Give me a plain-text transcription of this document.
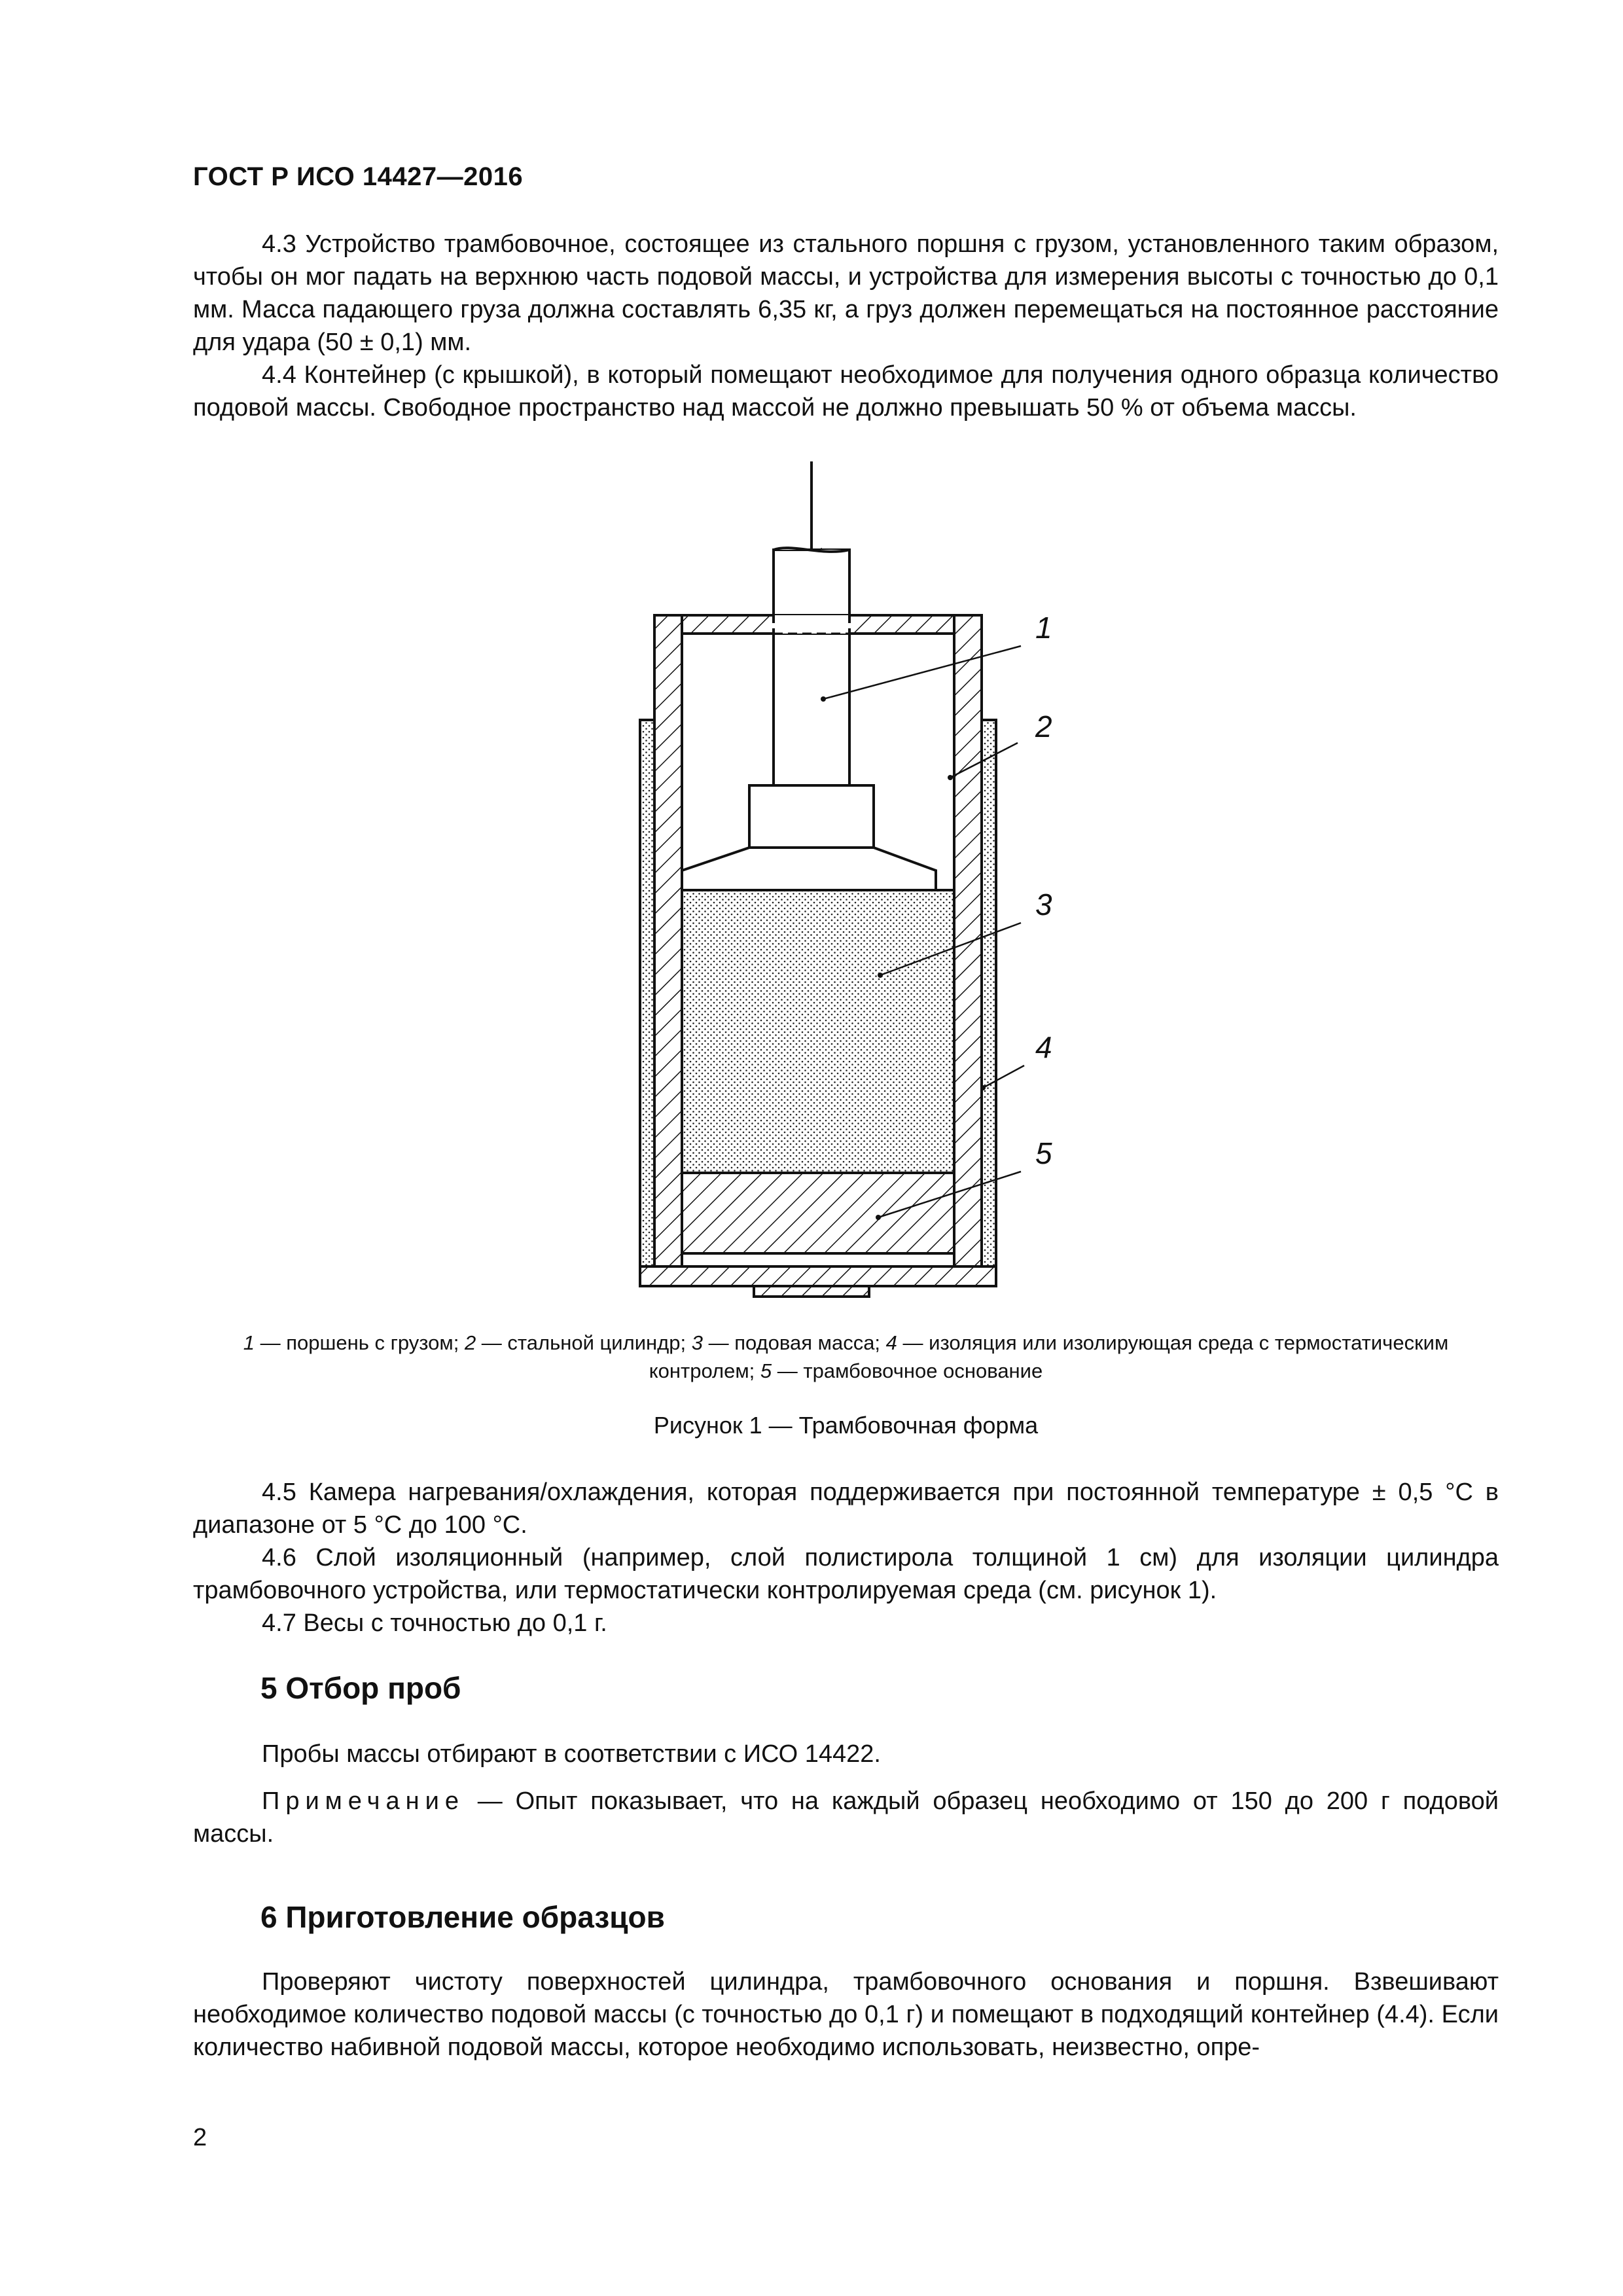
ГОСТ Р ИСО 14427—2016

4.3 Устройство трамбовочное, состоящее из стального поршня с грузом, установленного таким образом, чтобы он мог падать на верхнюю часть подовой массы, и устройства для измерения высоты с точностью до 0,1 мм. Масса падающего груза должна составлять 6,35 кг, а груз должен перемещаться на постоянное расстояние для удара (50 ± 0,1) мм.

4.4 Контейнер (с крышкой), в который помещают необходимое для получения одного образца количество подовой массы. Свободное пространство над массой не должно превышать 50 % от объема массы.

1
2
3
4
5
1 — поршень с грузом; 2 — стальной цилиндр; 3 — подовая масса; 4 — изоляция или изолирующая среда с термостатическим контролем; 5 — трамбовочное основание
Рисунок 1 — Трамбовочная форма

4.5 Камера нагревания/охлаждения, которая поддерживается при постоянной температуре ± 0,5 °С в диапазоне от 5 °С до 100 °С.

4.6 Слой изоляционный (например, слой полистирола толщиной 1 см) для изоляции цилиндра трамбовочного устройства, или термостатически контролируемая среда (см. рисунок 1).

4.7 Весы с точностью до 0,1 г.

5 Отбор проб

Пробы массы отбирают в соответствии с ИСО 14422.

Примечание — Опыт показывает, что на каждый образец необходимо от 150 до 200 г подовой массы.

6 Приготовление образцов

Проверяют чистоту поверхностей цилиндра, трамбовочного основания и поршня. Взвешивают необходимое количество подовой массы (с точностью до 0,1 г) и помещают в подходящий контейнер (4.4). Если количество набивной подовой массы, которое необходимо использовать, неизвестно, опре-

2
